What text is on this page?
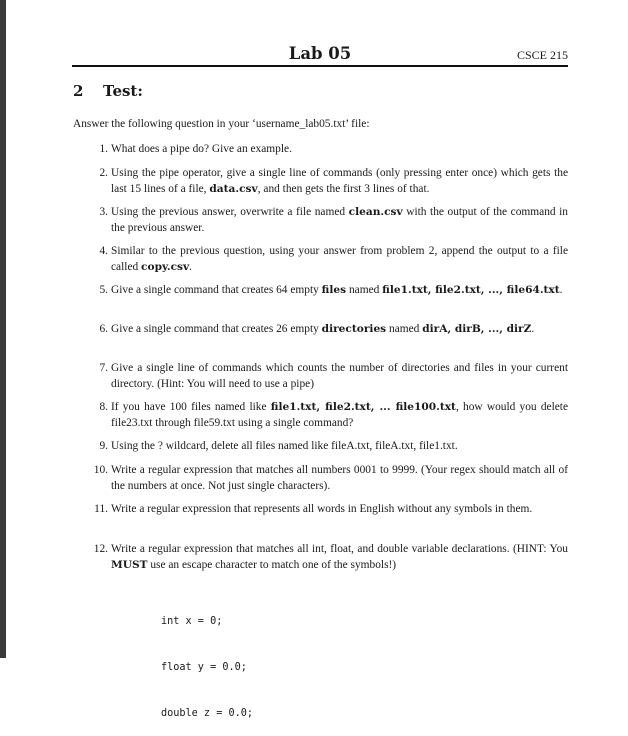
Lab 05	CSCE 215
2 Test:
Answer the following question in your ‘username_lab05.txt’ file:
1. What does a pipe do? Give an example.
2. Using the pipe operator, give a single line of commands (only pressing enter once) which gets the last 15 lines of a file, data.csv, and then gets the first 3 lines of that.
3. Using the previous answer, overwrite a file named clean.csv with the output of the command in the previous answer.
4. Similar to the previous question, using your answer from problem 2, append the output to a file called copy.csv.
5. Give a single command that creates 64 empty files named file1.txt, file2.txt, ..., file64.txt.
6. Give a single command that creates 26 empty directories named dirA, dirB, ..., dirZ.
7. Give a single line of commands which counts the number of directories and files in your current directory. (Hint: You will need to use a pipe)
8. If you have 100 files named like file1.txt, file2.txt, ... file100.txt, how would you delete file23.txt through file59.txt using a single command?
9. Using the ? wildcard, delete all files named like fileA.txt, fileA.txt, file1.txt.
10. Write a regular expression that matches all numbers 0001 to 9999. (Your regex should match all of the numbers at once. Not just single characters).
11. Write a regular expression that represents all words in English without any symbols in them.
12. Write a regular expression that matches all int, float, and double variable declarations. (HINT: You MUST use an escape character to match one of the symbols!)

int x = 0;

float y = 0.0;

double z = 0.0;
